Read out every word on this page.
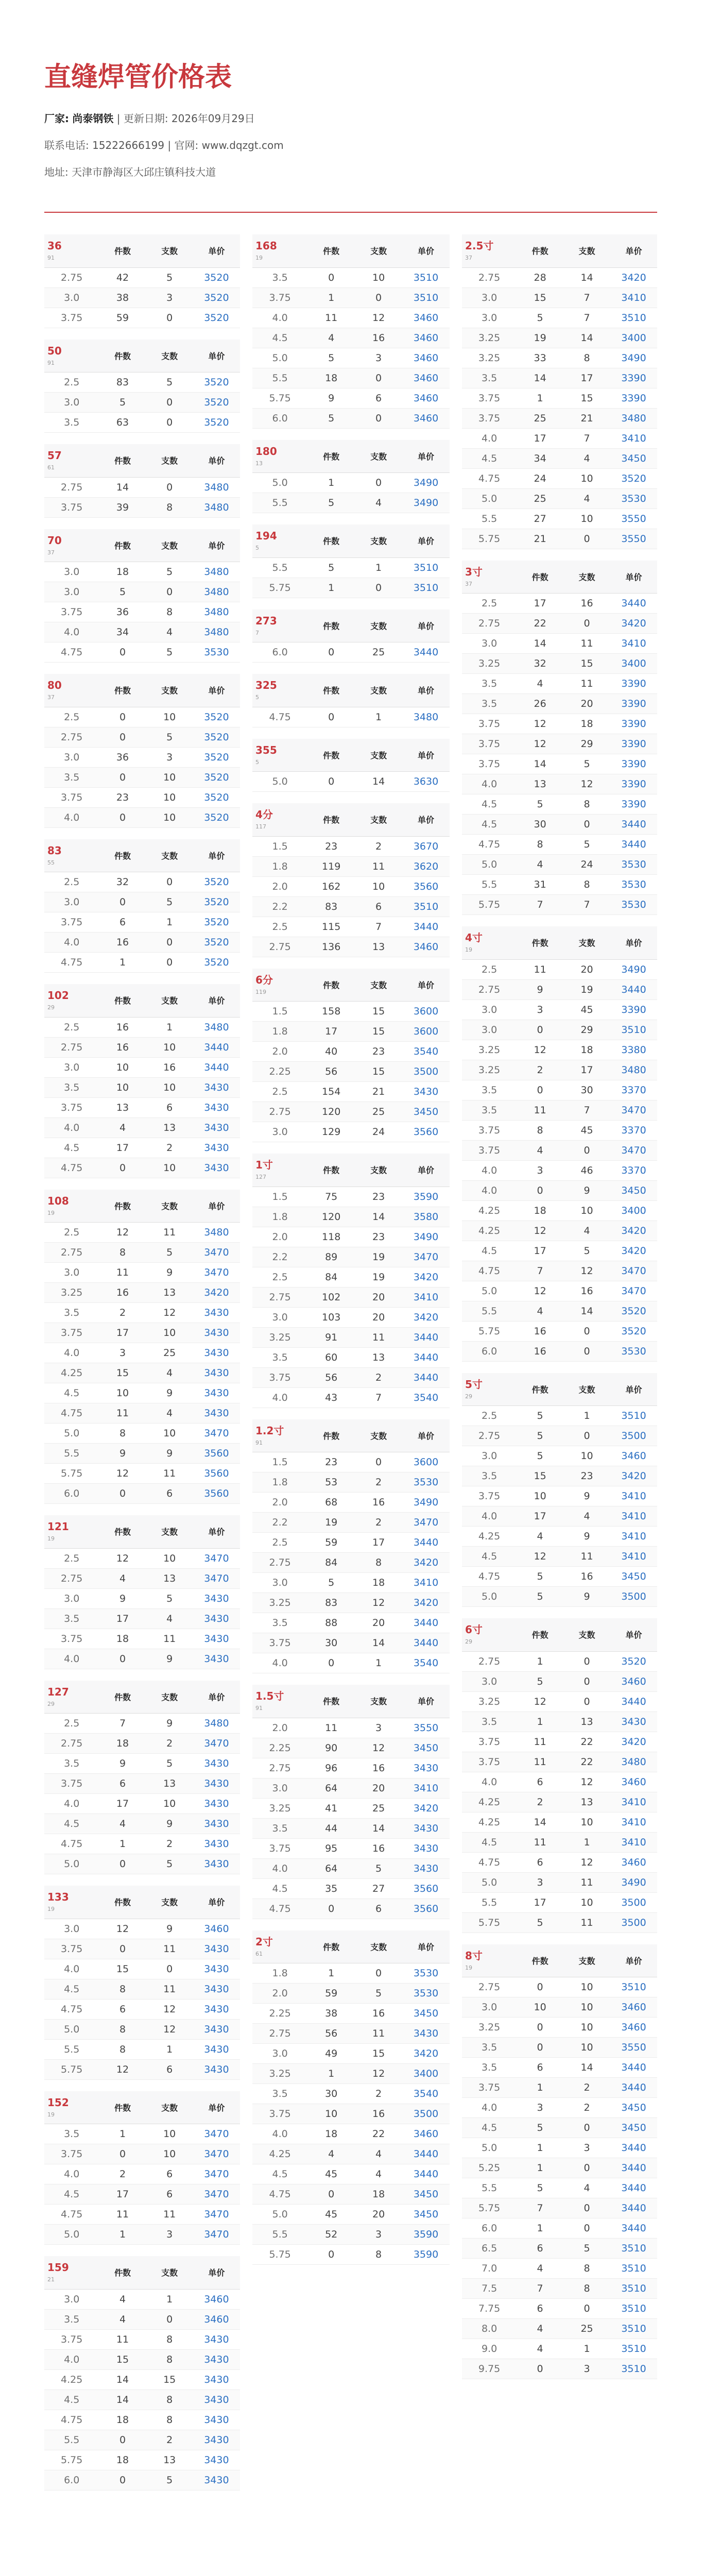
直缝焊管价格表
厂家: 尚泰钢铁 | 更新日期: 2026年09月29日
联系电话: 15222666199 | 官网: www.dqzgt.com
地址: 天津市静海区大邱庄镇科技大道
36
91	件数	支数	单价
2.75	42	5	3520
3.0	38	3	3520
3.75	59	0	3520
50
91	件数	支数	单价
2.5	83	5	3520
3.0	5	0	3520
3.5	63	0	3520
57
61	件数	支数	单价
2.75	14	0	3480
3.75	39	8	3480
70
37	件数	支数	单价
3.0	18	5	3480
3.0	5	0	3480
3.75	36	8	3480
4.0	34	4	3480
4.75	0	5	3530
80
37	件数	支数	单价
2.5	0	10	3520
2.75	0	5	3520
3.0	36	3	3520
3.5	0	10	3520
3.75	23	10	3520
4.0	0	10	3520
83
55	件数	支数	单价
2.5	32	0	3520
3.0	0	5	3520
3.75	6	1	3520
4.0	16	0	3520
4.75	1	0	3520
102
29	件数	支数	单价
2.5	16	1	3480
2.75	16	10	3440
3.0	10	16	3440
3.5	10	10	3430
3.75	13	6	3430
4.0	4	13	3430
4.5	17	2	3430
4.75	0	10	3430
108
19	件数	支数	单价
2.5	12	11	3480
2.75	8	5	3470
3.0	11	9	3470
3.25	16	13	3420
3.5	2	12	3430
3.75	17	10	3430
4.0	3	25	3430
4.25	15	4	3430
4.5	10	9	3430
4.75	11	4	3430
5.0	8	10	3470
5.5	9	9	3560
5.75	12	11	3560
6.0	0	6	3560
121
19	件数	支数	单价
2.5	12	10	3470
2.75	4	13	3470
3.0	9	5	3430
3.5	17	4	3430
3.75	18	11	3430
4.0	0	9	3430
127
29	件数	支数	单价
2.5	7	9	3480
2.75	18	2	3470
3.5	9	5	3430
3.75	6	13	3430
4.0	17	10	3430
4.5	4	9	3430
4.75	1	2	3430
5.0	0	5	3430
133
19	件数	支数	单价
3.0	12	9	3460
3.75	0	11	3430
4.0	15	0	3430
4.5	8	11	3430
4.75	6	12	3430
5.0	8	12	3430
5.5	8	1	3430
5.75	12	6	3430
152
19	件数	支数	单价
3.5	1	10	3470
3.75	0	10	3470
4.0	2	6	3470
4.5	17	6	3470
4.75	11	11	3470
5.0	1	3	3470
159
21	件数	支数	单价
3.0	4	1	3460
3.5	4	0	3460
3.75	11	8	3430
4.0	15	8	3430
4.25	14	15	3430
4.5	14	8	3430
4.75	18	8	3430
5.5	0	2	3430
5.75	18	13	3430
6.0	0	5	3430
168
19	件数	支数	单价
3.5	0	10	3510
3.75	1	0	3510
4.0	11	12	3460
4.5	4	16	3460
5.0	5	3	3460
5.5	18	0	3460
5.75	9	6	3460
6.0	5	0	3460
180
13	件数	支数	单价
5.0	1	0	3490
5.5	5	4	3490
194
5	件数	支数	单价
5.5	5	1	3510
5.75	1	0	3510
273
7	件数	支数	单价
6.0	0	25	3440
325
5	件数	支数	单价
4.75	0	1	3480
355
5	件数	支数	单价
5.0	0	14	3630
4分
117	件数	支数	单价
1.5	23	2	3670
1.8	119	11	3620
2.0	162	10	3560
2.2	83	6	3510
2.5	115	7	3440
2.75	136	13	3460
6分
119	件数	支数	单价
1.5	158	15	3600
1.8	17	15	3600
2.0	40	23	3540
2.25	56	15	3500
2.5	154	21	3430
2.75	120	25	3450
3.0	129	24	3560
1寸
127	件数	支数	单价
1.5	75	23	3590
1.8	120	14	3580
2.0	118	23	3490
2.2	89	19	3470
2.5	84	19	3420
2.75	102	20	3410
3.0	103	20	3420
3.25	91	11	3440
3.5	60	13	3440
3.75	56	2	3440
4.0	43	7	3540
1.2寸
91	件数	支数	单价
1.5	23	0	3600
1.8	53	2	3530
2.0	68	16	3490
2.2	19	2	3470
2.5	59	17	3440
2.75	84	8	3420
3.0	5	18	3410
3.25	83	12	3420
3.5	88	20	3440
3.75	30	14	3440
4.0	0	1	3540
1.5寸
91	件数	支数	单价
2.0	11	3	3550
2.25	90	12	3450
2.75	96	16	3430
3.0	64	20	3410
3.25	41	25	3420
3.5	44	14	3430
3.75	95	16	3430
4.0	64	5	3430
4.5	35	27	3560
4.75	0	6	3560
2寸
61	件数	支数	单价
1.8	1	0	3530
2.0	59	5	3530
2.25	38	16	3450
2.75	56	11	3430
3.0	49	15	3420
3.25	1	12	3400
3.5	30	2	3540
3.75	10	16	3500
4.0	18	22	3460
4.25	4	4	3440
4.5	45	4	3440
4.75	0	18	3450
5.0	45	20	3450
5.5	52	3	3590
5.75	0	8	3590
2.5寸
37	件数	支数	单价
2.75	28	14	3420
3.0	15	7	3410
3.0	5	7	3510
3.25	19	14	3400
3.25	33	8	3490
3.5	14	17	3390
3.75	1	15	3390
3.75	25	21	3480
4.0	17	7	3410
4.5	34	4	3450
4.75	24	10	3520
5.0	25	4	3530
5.5	27	10	3550
5.75	21	0	3550
3寸
37	件数	支数	单价
2.5	17	16	3440
2.75	22	0	3420
3.0	14	11	3410
3.25	32	15	3400
3.5	4	11	3390
3.5	26	20	3390
3.75	12	18	3390
3.75	12	29	3390
3.75	14	5	3390
4.0	13	12	3390
4.5	5	8	3390
4.5	30	0	3440
4.75	8	5	3440
5.0	4	24	3530
5.5	31	8	3530
5.75	7	7	3530
4寸
19	件数	支数	单价
2.5	11	20	3490
2.75	9	19	3440
3.0	3	45	3390
3.0	0	29	3510
3.25	12	18	3380
3.25	2	17	3480
3.5	0	30	3370
3.5	11	7	3470
3.75	8	45	3370
3.75	4	0	3470
4.0	3	46	3370
4.0	0	9	3450
4.25	18	10	3400
4.25	12	4	3420
4.5	17	5	3420
4.75	7	12	3470
5.0	12	16	3470
5.5	4	14	3520
5.75	16	0	3520
6.0	16	0	3530
5寸
29	件数	支数	单价
2.5	5	1	3510
2.75	5	0	3500
3.0	5	10	3460
3.5	15	23	3420
3.75	10	9	3410
4.0	17	4	3410
4.25	4	9	3410
4.5	12	11	3410
4.75	5	16	3450
5.0	5	9	3500
6寸
29	件数	支数	单价
2.75	1	0	3520
3.0	5	0	3460
3.25	12	0	3440
3.5	1	13	3430
3.75	11	22	3420
3.75	11	22	3480
4.0	6	12	3460
4.25	2	13	3410
4.25	14	10	3410
4.5	11	1	3410
4.75	6	12	3460
5.0	3	11	3490
5.5	17	10	3500
5.75	5	11	3500
8寸
19	件数	支数	单价
2.75	0	10	3510
3.0	10	10	3460
3.25	0	10	3460
3.5	0	10	3550
3.5	6	14	3440
3.75	1	2	3440
4.0	3	2	3450
4.5	5	0	3450
5.0	1	3	3440
5.25	1	0	3440
5.5	5	4	3440
5.75	7	0	3440
6.0	1	0	3440
6.5	6	5	3510
7.0	4	8	3510
7.5	7	8	3510
7.75	6	0	3510
8.0	4	25	3510
9.0	4	1	3510
9.75	0	3	3510
